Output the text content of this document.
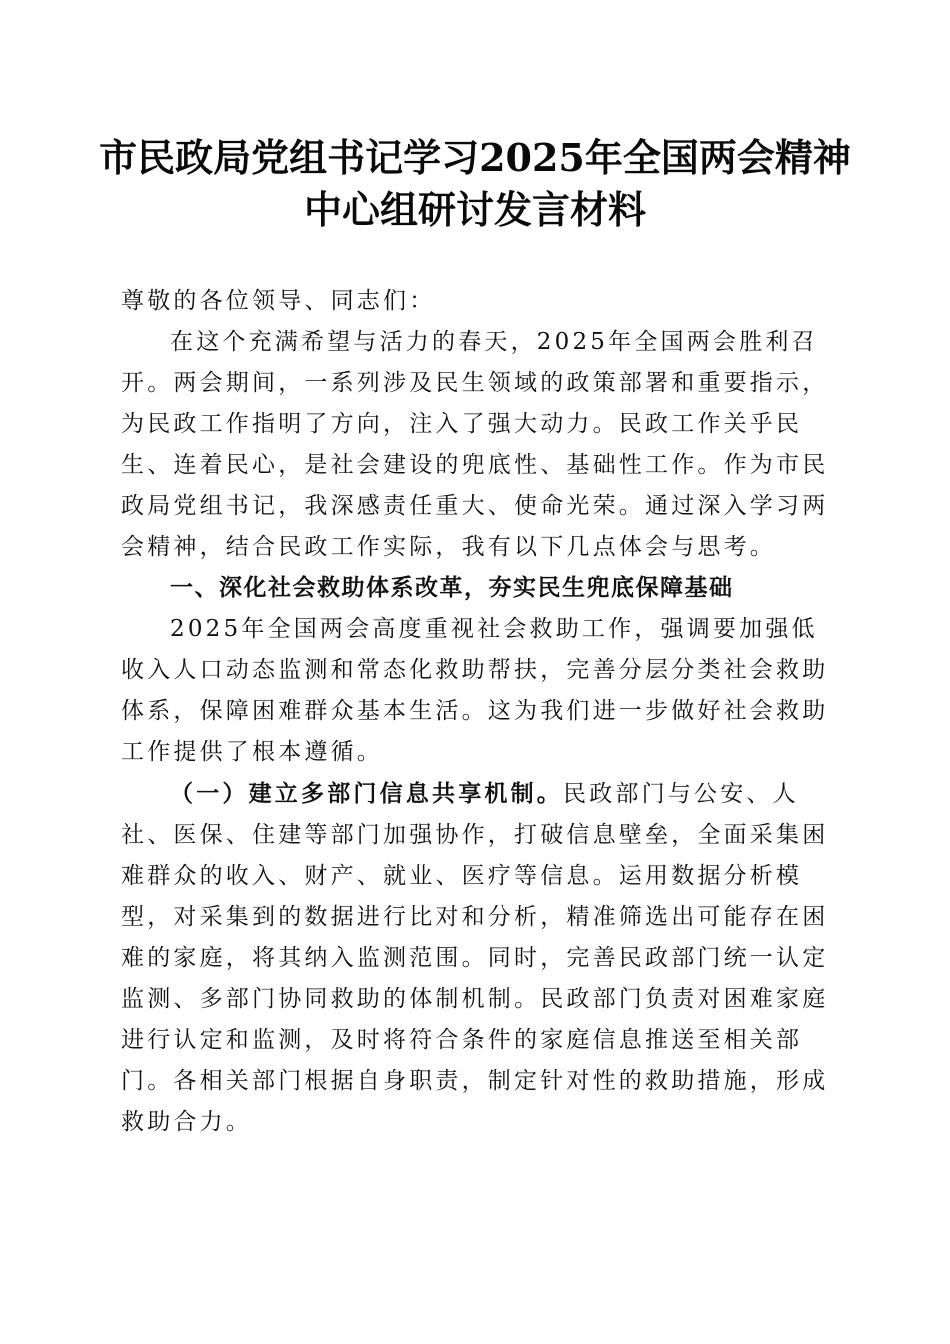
市民政局党组书记学习2025年全国两会精神
中心组研讨发言材料

尊敬的各位领导、同志们：

在这个充满希望与活力的春天，2025年全国两会胜利召开。两会期间，一系列涉及民生领域的政策部署和重要指示，为民政工作指明了方向，注入了强大动力。民政工作关乎民生、连着民心，是社会建设的兜底性、基础性工作。作为市民政局党组书记，我深感责任重大、使命光荣。通过深入学习两会精神，结合民政工作实际，我有以下几点体会与思考。

一、深化社会救助体系改革，夯实民生兜底保障基础

2025年全国两会高度重视社会救助工作，强调要加强低收入人口动态监测和常态化救助帮扶，完善分层分类社会救助体系，保障困难群众基本生活。这为我们进一步做好社会救助工作提供了根本遵循。

（一）建立多部门信息共享机制。民政部门与公安、人社、医保、住建等部门加强协作，打破信息壁垒，全面采集困难群众的收入、财产、就业、医疗等信息。运用数据分析模型，对采集到的数据进行比对和分析，精准筛选出可能存在困难的家庭，将其纳入监测范围。同时，完善民政部门统一认定监测、多部门协同救助的体制机制。民政部门负责对困难家庭进行认定和监测，及时将符合条件的家庭信息推送至相关部门。各相关部门根据自身职责，制定针对性的救助措施，形成救助合力。
